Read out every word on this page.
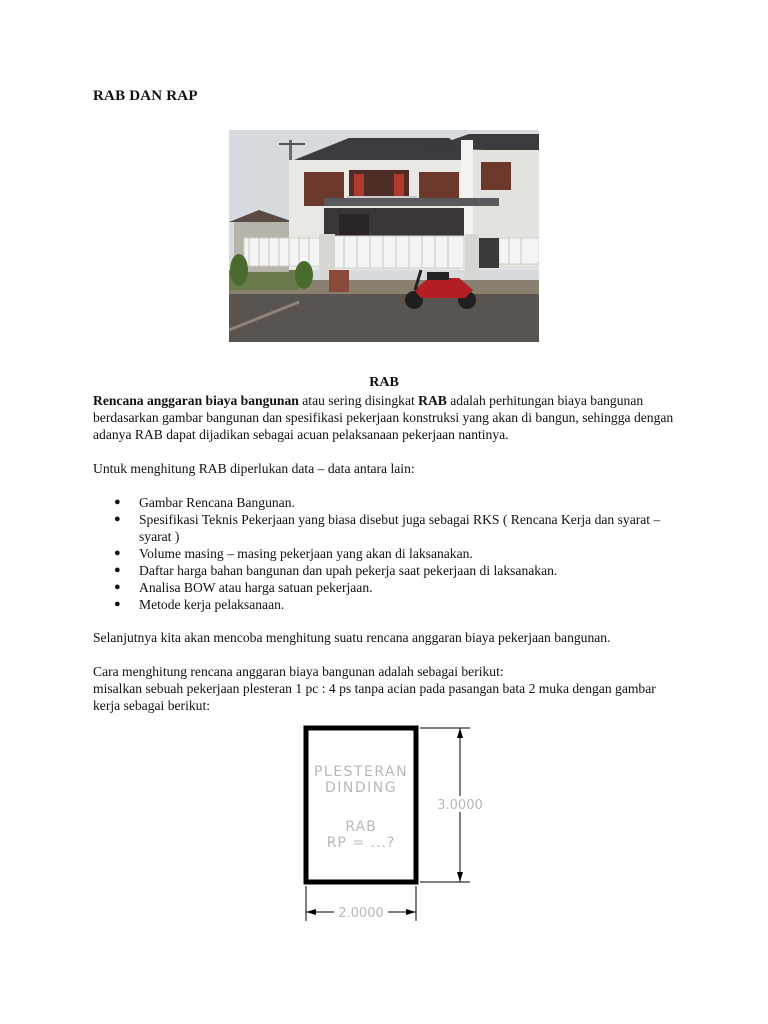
RAB DAN RAP
RAB

Rencana anggaran biaya bangunan atau sering disingkat RAB adalah perhitungan biaya bangunan berdasarkan gambar bangunan dan spesifikasi pekerjaan konstruksi yang akan di bangun, sehingga dengan adanya RAB dapat dijadikan sebagai acuan pelaksanaan pekerjaan nantinya.

Untuk menghitung RAB diperlukan data – data antara lain:
● Gambar Rencana Bangunan.
● Spesifikasi Teknis Pekerjaan yang biasa disebut juga sebagai RKS ( Rencana Kerja dan syarat – syarat )
● Volume masing – masing pekerjaan yang akan di laksanakan.
● Daftar harga bahan bangunan dan upah pekerja saat pekerjaan di laksanakan.
● Analisa BOW atau harga satuan pekerjaan.
● Metode kerja pelaksanaan.
Selanjutnya kita akan mencoba menghitung suatu rencana anggaran biaya pekerjaan bangunan.
Cara menghitung rencana anggaran biaya bangunan adalah sebagai berikut:
misalkan sebuah pekerjaan plesteran 1 pc : 4 ps tanpa acian pada pasangan bata 2 muka dengan gambar kerja sebagai berikut:
PLESTERAN
DINDING
RAB
RP = ...?
3.0000
2.0000
